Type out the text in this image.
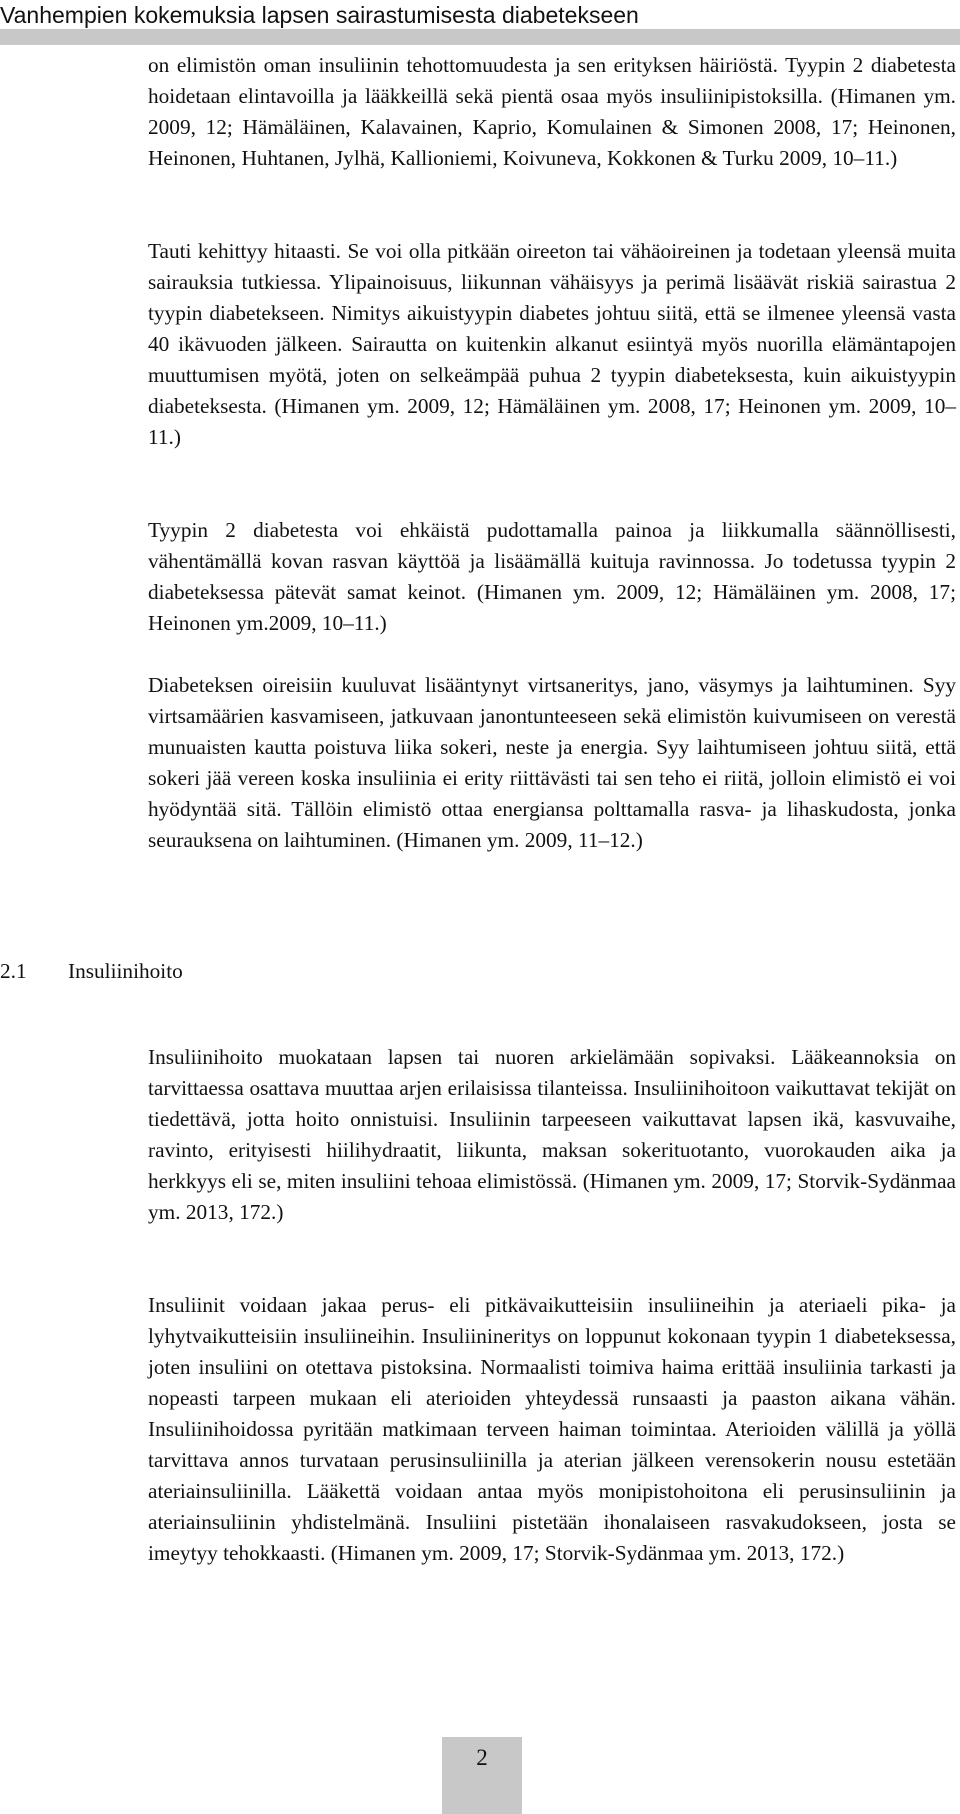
Vanhempien kokemuksia lapsen sairastumisesta diabetekseen

on elimistön oman insuliinin tehottomuudesta ja sen erityksen häiriöstä. Tyypin 2 diabetesta hoidetaan elintavoilla ja lääkkeillä sekä pientä osaa myös insuliinipistoksilla. (Himanen ym. 2009, 12; Hämäläinen, Kalavainen, Kaprio, Komulainen & Simonen 2008, 17; Heinonen, Heinonen, Huhtanen, Jylhä, Kallioniemi, Koivuneva, Kokkonen & Turku 2009, 10–11.)

Tauti kehittyy hitaasti. Se voi olla pitkään oireeton tai vähäoireinen ja todetaan yleensä muita sairauksia tutkiessa. Ylipainoisuus, liikunnan vähäisyys ja perimä lisäävät riskiä sairastua 2 tyypin diabetekseen. Nimitys aikuistyypin diabetes johtuu siitä, että se ilmenee yleensä vasta 40 ikävuoden jälkeen. Sairautta on kuitenkin alkanut esiintyä myös nuorilla elämäntapojen muuttumisen myötä, joten on selkeämpää puhua 2 tyypin diabeteksesta, kuin aikuistyypin diabeteksesta. (Himanen ym. 2009, 12; Hämäläinen ym. 2008, 17; Heinonen ym. 2009, 10–11.)

Tyypin 2 diabetesta voi ehkäistä pudottamalla painoa ja liikkumalla säännöllisesti, vähentämällä kovan rasvan käyttöä ja lisäämällä kuituja ravinnossa. Jo todetussa tyypin 2 diabeteksessa pätevät samat keinot. (Himanen ym. 2009, 12; Hämäläinen ym. 2008, 17; Heinonen ym.2009, 10–11.)

Diabeteksen oireisiin kuuluvat lisääntynyt virtsaneritys, jano, väsymys ja laihtuminen. Syy virtsamäärien kasvamiseen, jatkuvaan janontunteeseen sekä elimistön kuivumiseen on verestä munuaisten kautta poistuva liika sokeri, neste ja energia. Syy laihtumiseen johtuu siitä, että sokeri jää vereen koska insuliinia ei erity riittävästi tai sen teho ei riitä, jolloin elimistö ei voi hyödyntää sitä. Tällöin elimistö ottaa energiansa polttamalla rasva- ja lihaskudosta, jonka seurauksena on laihtuminen. (Himanen ym. 2009, 11–12.)

2.1 Insuliinihoito

Insuliinihoito muokataan lapsen tai nuoren arkielämään sopivaksi. Lääkeannoksia on tarvittaessa osattava muuttaa arjen erilaisissa tilanteissa. Insuliinihoitoon vaikuttavat tekijät on tiedettävä, jotta hoito onnistuisi. Insuliinin tarpeeseen vaikuttavat lapsen ikä, kasvuvaihe, ravinto, erityisesti hiilihydraatit, liikunta, maksan sokerituotanto, vuorokauden aika ja herkkyys eli se, miten insuliini tehoaa elimistössä. (Himanen ym. 2009, 17; Storvik-Sydänmaa ym. 2013, 172.)

Insuliinit voidaan jakaa perus- eli pitkävaikutteisiin insuliineihin ja ateriaeli pika- ja lyhytvaikutteisiin insuliineihin. Insuliinineritys on loppunut kokonaan tyypin 1 diabeteksessa, joten insuliini on otettava pistoksina. Normaalisti toimiva haima erittää insuliinia tarkasti ja nopeasti tarpeen mukaan eli aterioiden yhteydessä runsaasti ja paaston aikana vähän. Insuliinihoidossa pyritään matkimaan terveen haiman toimintaa. Aterioiden välillä ja yöllä tarvittava annos turvataan perusinsuliinilla ja aterian jälkeen verensokerin nousu estetään ateriainsuliinilla. Lääkettä voidaan antaa myös monipistohoitona eli perusinsuliinin ja ateriainsuliinin yhdistelmänä. Insuliini pistetään ihonalaiseen rasvakudokseen, josta se imeytyy tehokkaasti. (Himanen ym. 2009, 17; Storvik-Sydänmaa ym. 2013, 172.)

2
